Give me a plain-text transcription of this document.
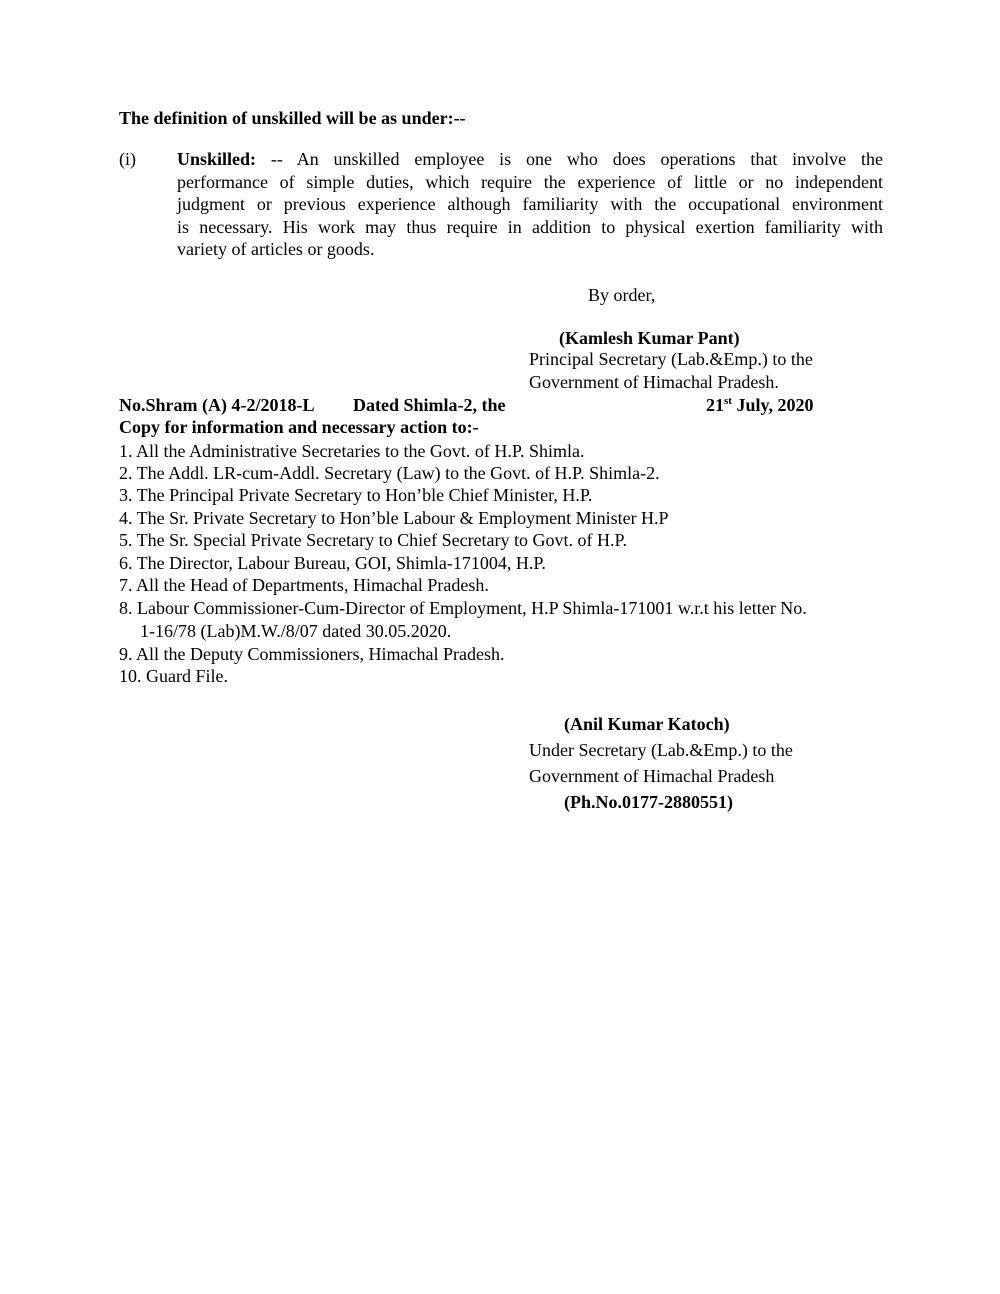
The definition of unskilled will be as under:--
(i) Unskilled: -- An unskilled employee is one who does operations that involve the
performance of simple duties, which require the experience of little or no independent
judgment or previous experience although familiarity with the occupational environment
is necessary. His work may thus require in addition to physical exertion familiarity with
variety of articles or goods.
By order,
(Kamlesh Kumar Pant)
Principal Secretary (Lab.&Emp.) to the
Government of Himachal Pradesh.
No.Shram (A) 4-2/2018-L Dated Shimla-2, the	21st July, 2020
Copy for information and necessary action to:-
1. All the Administrative Secretaries to the Govt. of H.P. Shimla.
2. The Addl. LR-cum-Addl. Secretary (Law) to the Govt. of H.P. Shimla-2.
3. The Principal Private Secretary to Hon’ble Chief Minister, H.P.
4. The Sr. Private Secretary to Hon’ble Labour & Employment Minister H.P
5. The Sr. Special Private Secretary to Chief Secretary to Govt. of H.P.
6. The Director, Labour Bureau, GOI, Shimla-171004, H.P.
7. All the Head of Departments, Himachal Pradesh.
8. Labour Commissioner-Cum-Director of Employment, H.P Shimla-171001 w.r.t his letter No.
1-16/78 (Lab)M.W./8/07 dated 30.05.2020.
9. All the Deputy Commissioners, Himachal Pradesh.
10. Guard File.
(Anil Kumar Katoch)
Under Secretary (Lab.&Emp.) to the
Government of Himachal Pradesh
(Ph.No.0177-2880551)
